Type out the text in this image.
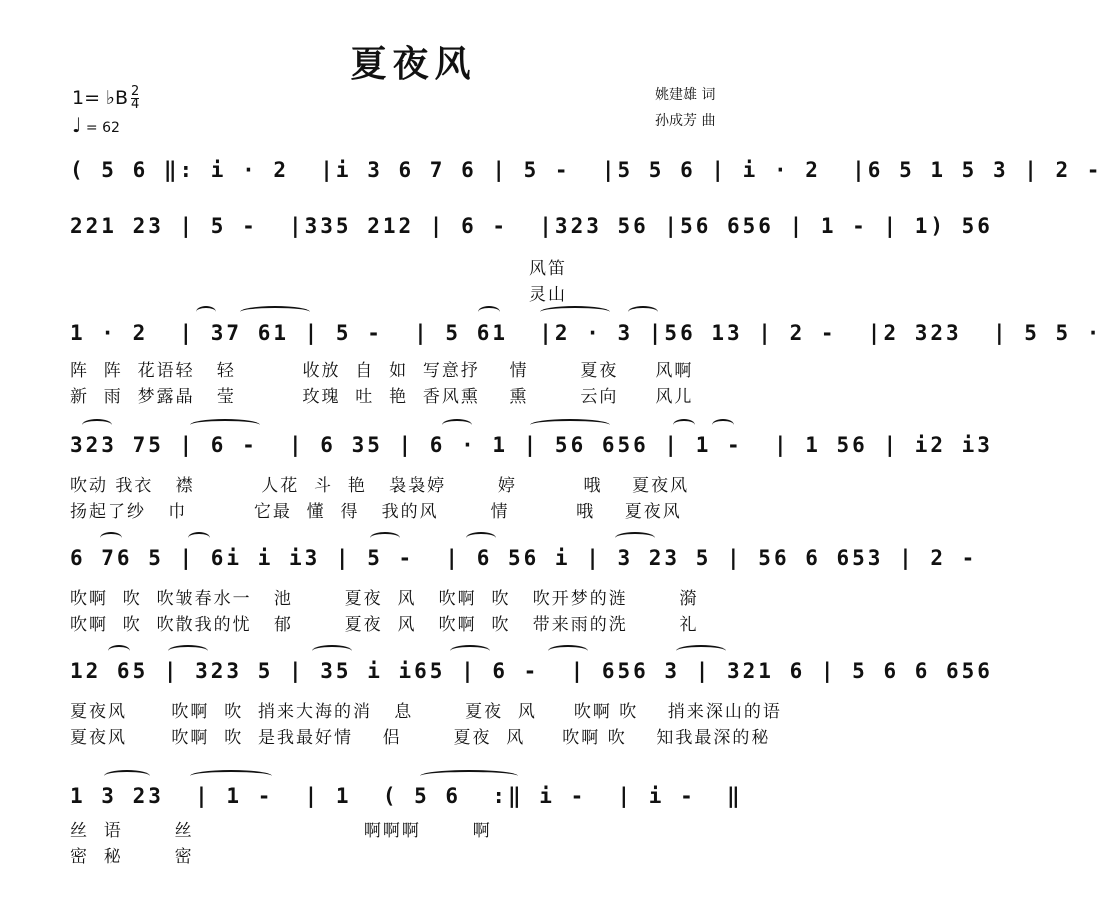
夏夜风
1= ♭B $\frac{2}{4}$
♩ = 62
姚建雄 词
孙成芳 曲
( 5 6 ‖: i · 2  |i 3 6 7 6 | 5 -  |5 5 6 | i · 2  |6 5 1 5 3 | 2 -
221 23 | 5 -  |335 212 | 6 -  |323 56 |56 656 | 1 - | 1) 56
风笛
灵山
1 · 2  | 37 61 | 5 -  | 5 61  |2 · 3 |56 13 | 2 -  |2 323  | 5 5 ·
阵  阵  花语轻   轻         收放  自  如  写意抒    情       夏夜     风啊
新  雨  梦露晶   莹         玫瑰  吐  艳  香风熏    熏       云向     风儿
323 75 | 6 -  | 6 35 | 6 · 1 | 56 656 | 1 -  | 1 56 | i2 i3
吹动 我衣   襟         人花  斗  艳   袅袅婷       婷         哦    夏夜风
扬起了纱   巾         它最  懂  得   我的风       情         哦    夏夜风
6 76 5 | 6i i i3 | 5 -  | 6 56 i | 3 23 5 | 56 6 653 | 2 -
吹啊  吹  吹皱春水一   池       夏夜  风   吹啊  吹   吹开梦的涟       漪
吹啊  吹  吹散我的忧   郁       夏夜  风   吹啊  吹   带来雨的洗       礼
12 65 | 323 5 | 35 i i65 | 6 -  | 656 3 | 321 6 | 5 6 6 656
夏夜风      吹啊  吹  捎来大海的消   息       夏夜  风     吹啊 吹    捎来深山的语
夏夜风      吹啊  吹  是我最好情    侣       夏夜  风     吹啊 吹    知我最深的秘
1 3 23  | 1 -  | 1  ( 5 6  :‖ i -  | i -  ‖
丝  语       丝                       啊啊啊       啊
密  秘       密
